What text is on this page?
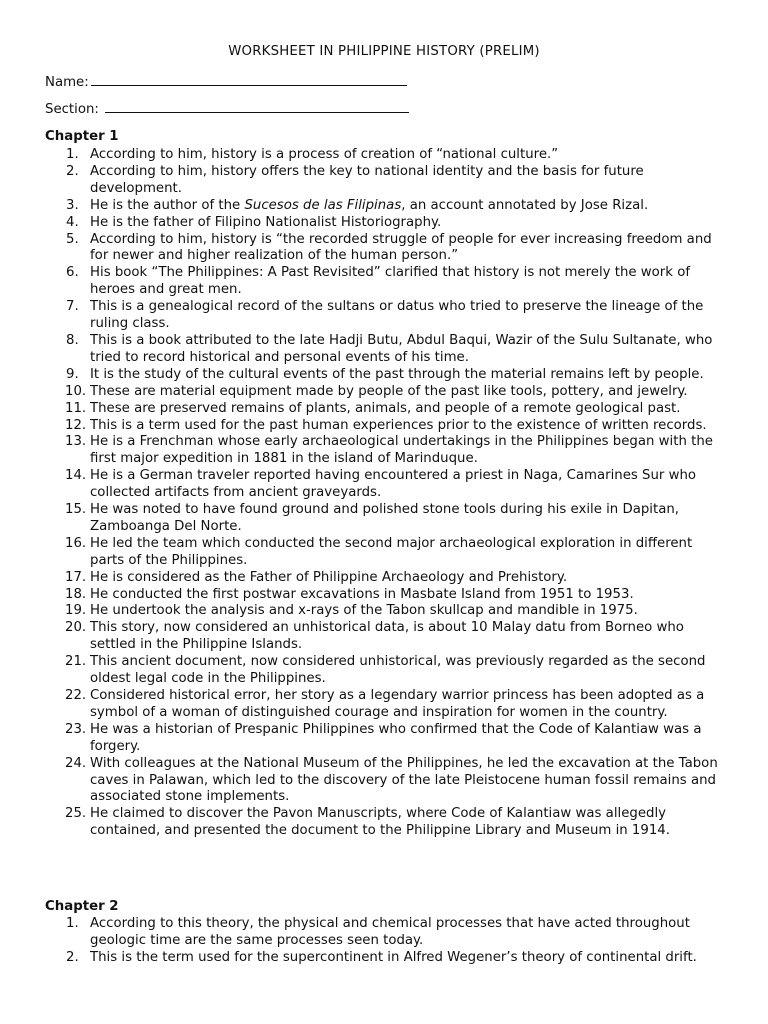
WORKSHEET IN PHILIPPINE HISTORY (PRELIM)
Name:
Section:
Chapter 1
1. According to him, history is a process of creation of “national culture.”
2. According to him, history offers the key to national identity and the basis for future development.
3. He is the author of the Sucesos de las Filipinas, an account annotated by Jose Rizal.
4. He is the father of Filipino Nationalist Historiography.
5. According to him, history is “the recorded struggle of people for ever increasing freedom and for newer and higher realization of the human person.”
6. His book “The Philippines: A Past Revisited” clarified that history is not merely the work of heroes and great men.
7. This is a genealogical record of the sultans or datus who tried to preserve the lineage of the ruling class.
8. This is a book attributed to the late Hadji Butu, Abdul Baqui, Wazir of the Sulu Sultanate, who tried to record historical and personal events of his time.
9. It is the study of the cultural events of the past through the material remains left by people.
10. These are material equipment made by people of the past like tools, pottery, and jewelry.
11. These are preserved remains of plants, animals, and people of a remote geological past.
12. This is a term used for the past human experiences prior to the existence of written records.
13. He is a Frenchman whose early archaeological undertakings in the Philippines began with the first major expedition in 1881 in the island of Marinduque.
14. He is a German traveler reported having encountered a priest in Naga, Camarines Sur who collected artifacts from ancient graveyards.
15. He was noted to have found ground and polished stone tools during his exile in Dapitan, Zamboanga Del Norte.
16. He led the team which conducted the second major archaeological exploration in different parts of the Philippines.
17. He is considered as the Father of Philippine Archaeology and Prehistory.
18. He conducted the first postwar excavations in Masbate Island from 1951 to 1953.
19. He undertook the analysis and x-rays of the Tabon skullcap and mandible in 1975.
20. This story, now considered an unhistorical data, is about 10 Malay datu from Borneo who settled in the Philippine Islands.
21. This ancient document, now considered unhistorical, was previously regarded as the second oldest legal code in the Philippines.
22. Considered historical error, her story as a legendary warrior princess has been adopted as a symbol of a woman of distinguished courage and inspiration for women in the country.
23. He was a historian of Prespanic Philippines who confirmed that the Code of Kalantiaw was a forgery.
24. With colleagues at the National Museum of the Philippines, he led the excavation at the Tabon caves in Palawan, which led to the discovery of the late Pleistocene human fossil remains and associated stone implements.
25. He claimed to discover the Pavon Manuscripts, where Code of Kalantiaw was allegedly contained, and presented the document to the Philippine Library and Museum in 1914.
Chapter 2
1. According to this theory, the physical and chemical processes that have acted throughout geologic time are the same processes seen today.
2. This is the term used for the supercontinent in Alfred Wegener’s theory of continental drift.
